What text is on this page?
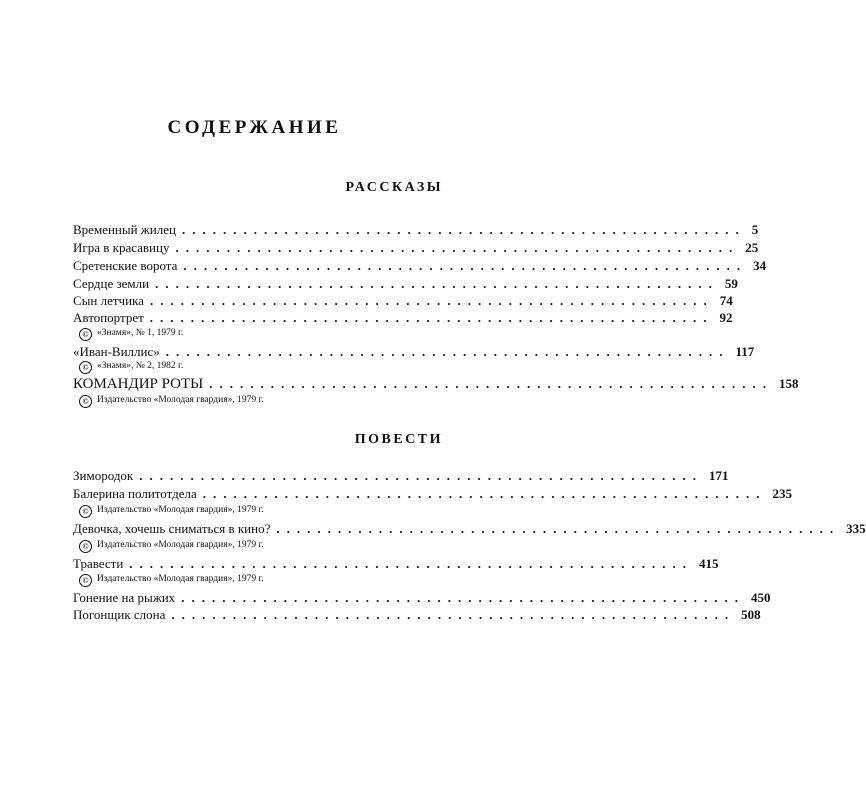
СОДЕРЖАНИЕ
РАССКАЗЫ
Временный жилец ....................................................... 5
Игра в красавицу ....................................................... 25
Сретенские ворота ....................................................... 34
Сердце земли ....................................................... 59
Сын летчика ....................................................... 74
Автопортрет ....................................................... 92
© «Знамя», № 1, 1979 г.
«Иван-Виллис» ....................................................... 117
© «Знамя», № 2, 1982 г.
КОМАНДИР РОТЫ ....................................................... 158
© Издательство «Молодая гвардия», 1979 г.
ПОВЕСТИ
Зимородок ....................................................... 171
Балерина политотдела ....................................................... 235
© Издательство «Молодая гвардия», 1979 г.
Девочка, хочешь сниматься в кино? ....................................................... 335
© Издательство «Молодая гвардия», 1979 г.
Травести ....................................................... 415
© Издательство «Молодая гвардия», 1979 г.
Гонение на рыжих ....................................................... 450
Погонщик слона ....................................................... 508
